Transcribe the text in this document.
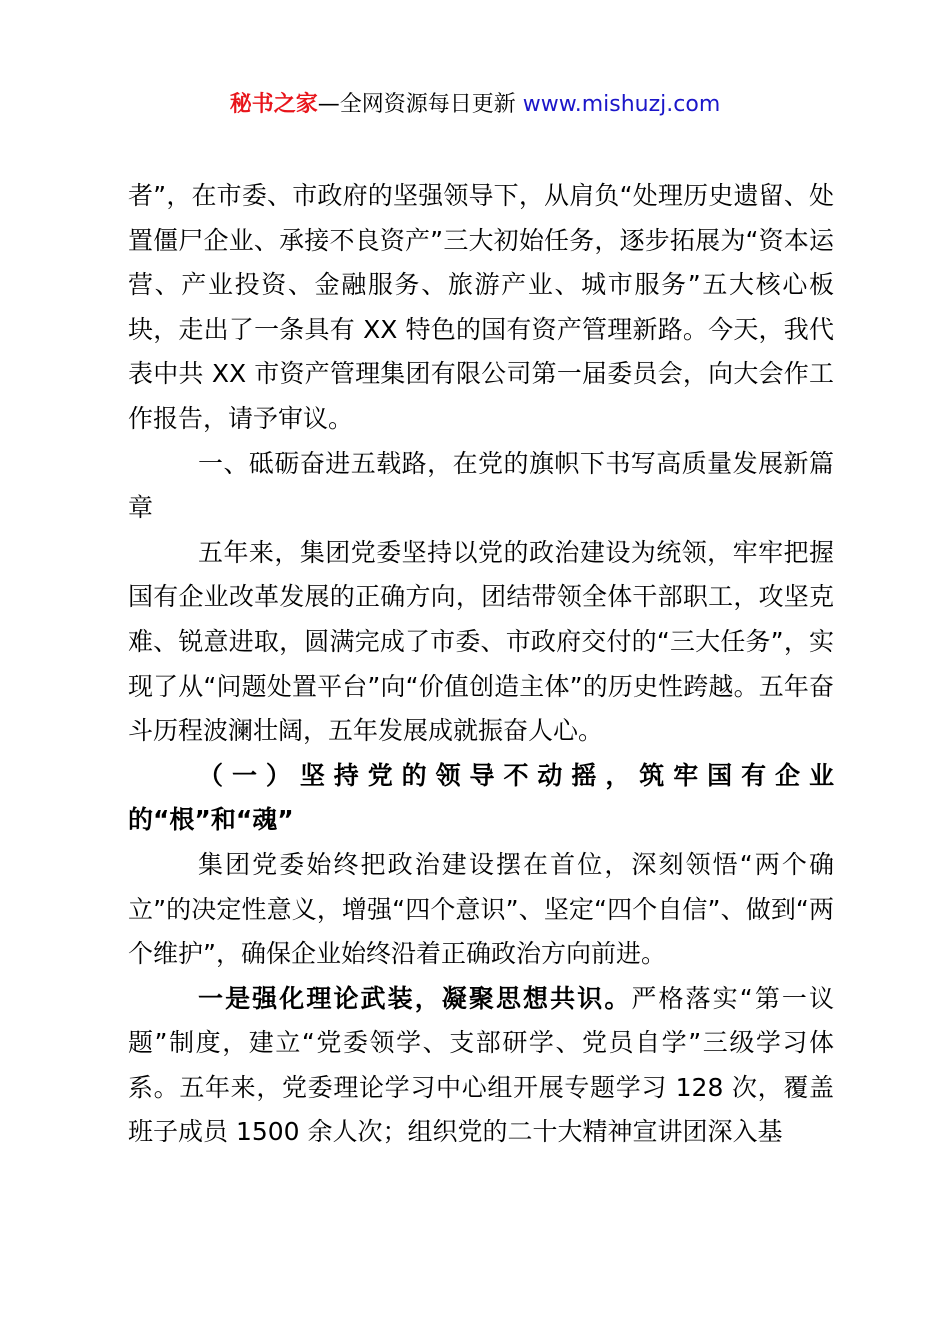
秘书之家—全网资源每日更新 www.mishuzj.com

者”，在市委、市政府的坚强领导下，从肩负“处理历史遗留、处置僵尸企业、承接不良资产”三大初始任务，逐步拓展为“资本运营、产业投资、金融服务、旅游产业、城市服务”五大核心板块，走出了一条具有 XX 特色的国有资产管理新路。今天，我代表中共 XX 市资产管理集团有限公司第一届委员会，向大会作工作报告，请予审议。

一、砥砺奋进五载路，在党的旗帜下书写高质量发展新篇章

五年来，集团党委坚持以党的政治建设为统领，牢牢把握国有企业改革发展的正确方向，团结带领全体干部职工，攻坚克难、锐意进取，圆满完成了市委、市政府交付的“三大任务”，实现了从“问题处置平台”向“价值创造主体”的历史性跨越。五年奋斗历程波澜壮阔，五年发展成就振奋人心。

（一）坚持党的领导不动摇，筑牢国有企业的“根”和“魂”

集团党委始终把政治建设摆在首位，深刻领悟“两个确立”的决定性意义，增强“四个意识”、坚定“四个自信”、做到“两个维护”，确保企业始终沿着正确政治方向前进。

一是强化理论武装，凝聚思想共识。严格落实“第一议题”制度，建立“党委领学、支部研学、党员自学”三级学习体系。五年来，党委理论学习中心组开展专题学习 128 次，覆盖班子成员 1500 余人次；组织党的二十大精神宣讲团深入基
